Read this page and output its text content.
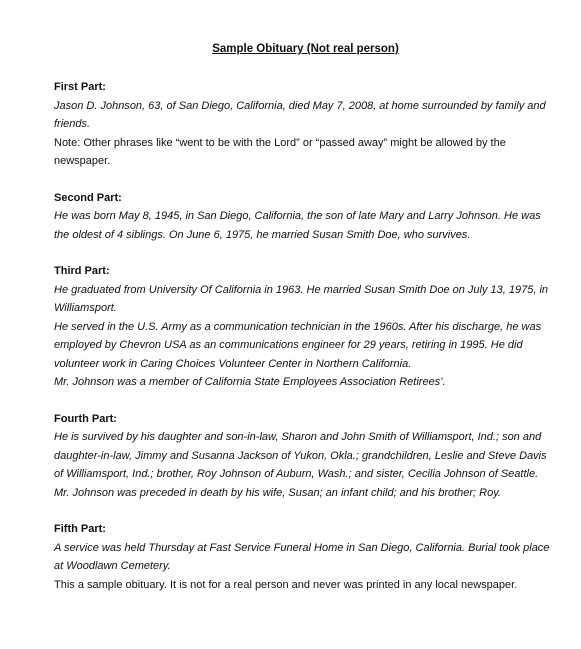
Sample Obituary (Not real person)
First Part:

Jason D. Johnson, 63, of San Diego, California, died May 7, 2008, at home surrounded by family and friends.

Note: Other phrases like “went to be with the Lord” or “passed away” might be allowed by the newspaper.

Second Part:

He was born May 8, 1945, in San Diego, California, the son of late Mary and Larry Johnson. He was the oldest of 4 siblings. On June 6, 1975, he married Susan Smith Doe, who survives.

Third Part:

He graduated from University Of California in 1963. He married Susan Smith Doe on July 13, 1975, in Williamsport.

He served in the U.S. Army as a communication technician in the 1960s. After his discharge, he was employed by Chevron USA as an communications engineer for 29 years, retiring in 1995. He did volunteer work in Caring Choices Volunteer Center in Northern California.

Mr. Johnson was a member of California State Employees Association Retirees’.

Fourth Part:

He is survived by his daughter and son-in-law, Sharon and John Smith of Williamsport, Ind.; son and daughter-in-law, Jimmy and Susanna Jackson of Yukon, Okla.; grandchildren, Leslie and Steve Davis of Williamsport, Ind.; brother, Roy Johnson of Auburn, Wash.; and sister, Cecilia Johnson of Seattle.

Mr. Johnson was preceded in death by his wife, Susan; an infant child; and his brother; Roy.

Fifth Part:

A service was held Thursday at Fast Service Funeral Home in San Diego, California. Burial took place at Woodlawn Cemetery.

This a sample obituary. It is not for a real person and never was printed in any local newspaper.
